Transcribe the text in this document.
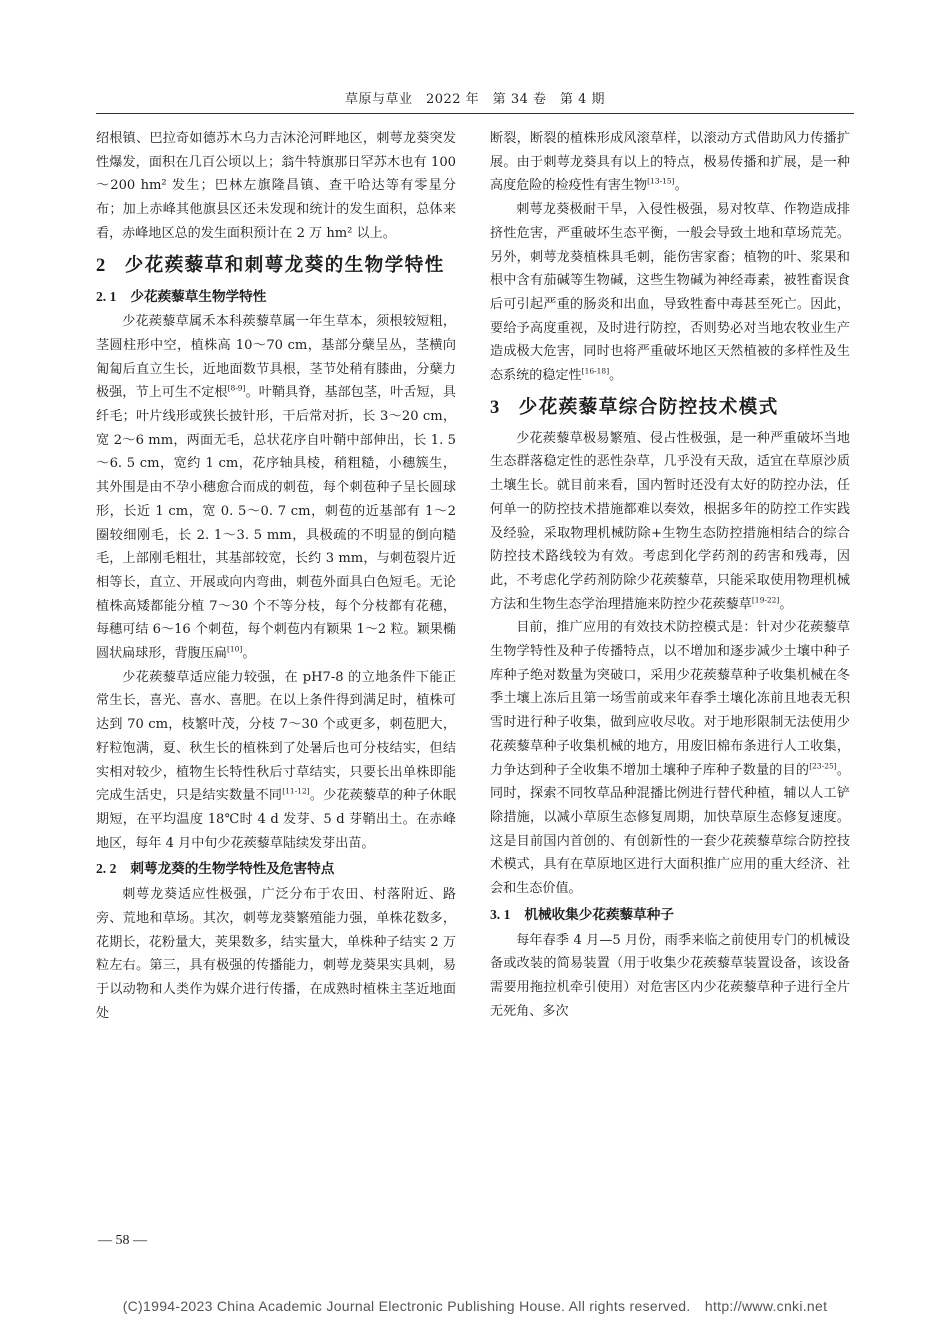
草原与草业　2022 年　第 34 卷　第 4 期

绍根镇、巴拉奇如德苏木乌力吉沐沦河畔地区，刺萼龙葵突发性爆发，面积在几百公顷以上；翁牛特旗那日罕苏木也有 100～200 hm² 发生；巴林左旗隆昌镇、查干哈达等有零星分布；加上赤峰其他旗县区还未发现和统计的发生面积，总体来看，赤峰地区总的发生面积预计在 2 万 hm² 以上。

2 少花蒺藜草和刺萼龙葵的生物学特性
2. 1 少花蒺藜草生物学特性

少花蒺藜草属禾本科蒺藜草属一年生草本，须根较短粗，茎圆柱形中空，植株高 10～70 cm，基部分蘖呈丛，茎横向匍匐后直立生长，近地面数节具根，茎节处稍有膝曲，分蘖力极强，节上可生不定根[8-9]。叶鞘具脊，基部包茎，叶舌短，具纤毛；叶片线形或狭长披针形，干后常对折，长 3～20 cm，宽 2～6 mm，两面无毛，总状花序自叶鞘中部伸出，长 1. 5～6. 5 cm，宽约 1 cm，花序轴具棱，稍粗糙，小穗簇生，其外围是由不孕小穗愈合而成的刺苞，每个刺苞种子呈长圆球形，长近 1 cm，宽 0. 5～0. 7 cm，刺苞的近基部有 1～2 圈较细刚毛，长 2. 1～3. 5 mm，具极疏的不明显的倒向糙毛，上部刚毛粗壮，其基部较宽，长约 3 mm，与刺苞裂片近相等长，直立、开展或向内弯曲，刺苞外面具白色短毛。无论植株高矮都能分植 7～30 个不等分枝，每个分枝都有花穗，每穗可结 6～16 个刺苞，每个刺苞内有颖果 1～2 粒。颖果椭圆状扁球形，背腹压扁[10]。

少花蒺藜草适应能力较强，在 pH7-8 的立地条件下能正常生长，喜光、喜水、喜肥。在以上条件得到满足时，植株可达到 70 cm，枝繁叶茂，分枝 7～30 个或更多，刺苞肥大，籽粒饱满，夏、秋生长的植株到了处暑后也可分枝结实，但结实相对较少，植物生长特性秋后寸草结实，只要长出单株即能完成生活史，只是结实数量不同[11-12]。少花蒺藜草的种子休眠期短，在平均温度 18℃时 4 d 发芽、5 d 芽鞘出土。在赤峰地区，每年 4 月中旬少花蒺藜草陆续发芽出苗。

2. 2 刺萼龙葵的生物学特性及危害特点

刺萼龙葵适应性极强，广泛分布于农田、村落附近、路旁、荒地和草场。其次，刺萼龙葵繁殖能力强，单株花数多，花期长，花粉量大，荚果数多，结实量大，单株种子结实 2 万粒左右。第三，具有极强的传播能力，刺萼龙葵果实具刺，易于以动物和人类作为媒介进行传播，在成熟时植株主茎近地面处

断裂，断裂的植株形成风滚草样，以滚动方式借助风力传播扩展。由于刺萼龙葵具有以上的特点，极易传播和扩展，是一种高度危险的检疫性有害生物[13-15]。

刺萼龙葵极耐干旱，入侵性极强，易对牧草、作物造成排挤性危害，严重破坏生态平衡，一般会导致土地和草场荒芜。另外，刺萼龙葵植株具毛刺，能伤害家畜；植物的叶、浆果和根中含有茄碱等生物碱，这些生物碱为神经毒素，被牲畜误食后可引起严重的肠炎和出血，导致牲畜中毒甚至死亡。因此，要给予高度重视，及时进行防控，否则势必对当地农牧业生产造成极大危害，同时也将严重破坏地区天然植被的多样性及生态系统的稳定性[16-18]。

3 少花蒺藜草综合防控技术模式

少花蒺藜草极易繁殖、侵占性极强，是一种严重破坏当地生态群落稳定性的恶性杂草，几乎没有天敌，适宜在草原沙质土壤生长。就目前来看，国内暂时还没有太好的防控办法，任何单一的防控技术措施都难以奏效，根据多年的防控工作实践及经验，采取物理机械防除+生物生态防控措施相结合的综合防控技术路线较为有效。考虑到化学药剂的药害和残毒，因此，不考虑化学药剂防除少花蒺藜草，只能采取使用物理机械方法和生物生态学治理措施来防控少花蒺藜草[19-22]。

目前，推广应用的有效技术防控模式是：针对少花蒺藜草生物学特性及种子传播特点，以不增加和逐步减少土壤中种子库种子绝对数量为突破口，采用少花蒺藜草种子收集机械在冬季土壤上冻后且第一场雪前或来年春季土壤化冻前且地表无积雪时进行种子收集，做到应收尽收。对于地形限制无法使用少花蒺藜草种子收集机械的地方，用废旧棉布条进行人工收集，力争达到种子全收集不增加土壤种子库种子数量的目的[23-25]。同时，探索不同牧草品种混播比例进行替代种植，辅以人工铲除措施，以减小草原生态修复周期，加快草原生态修复速度。这是目前国内首创的、有创新性的一套少花蒺藜草综合防控技术模式，具有在草原地区进行大面积推广应用的重大经济、社会和生态价值。

3. 1 机械收集少花蒺藜草种子

每年春季 4 月—5 月份，雨季来临之前使用专门的机械设备或改装的简易装置（用于收集少花蒺藜草装置设备，该设备需要用拖拉机牵引使用）对危害区内少花蒺藜草种子进行全片无死角、多次

— 58 —
(C)1994-2023 China Academic Journal Electronic Publishing House. All rights reserved.　http://www.cnki.net
